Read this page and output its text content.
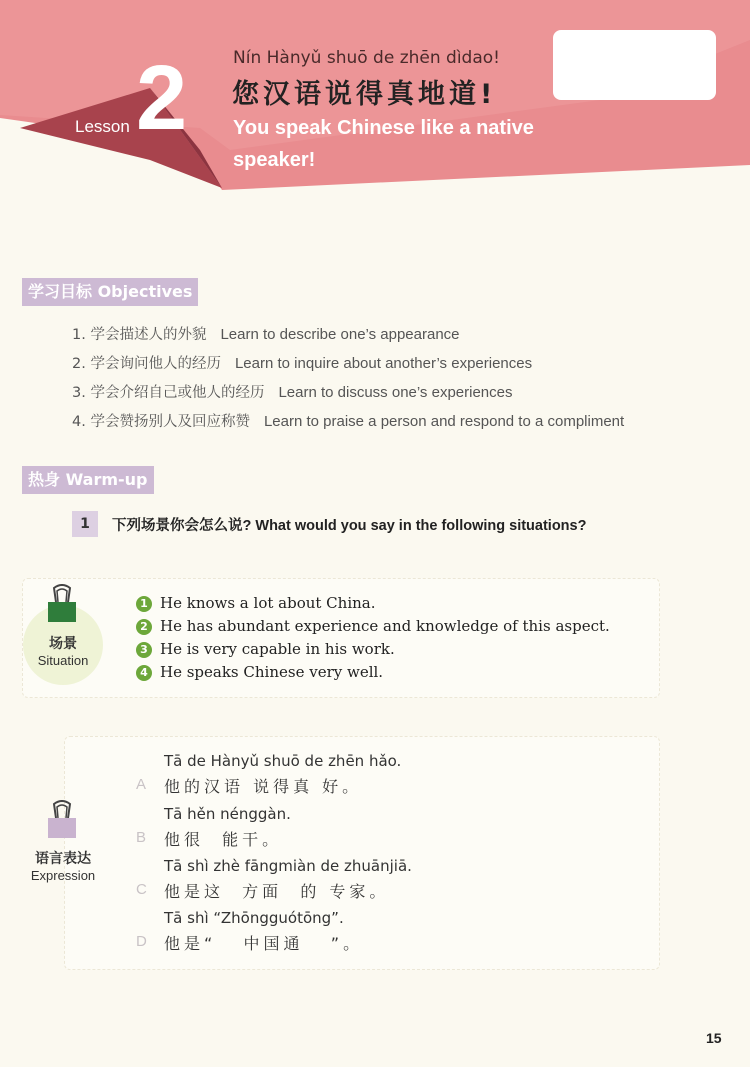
Lesson 2	Nín Hànyǔ shuō de zhēn dìdao!
您汉语说得真地道!
You speak Chinese like a native speaker!
学习目标 Objectives
1. 学会描述人的外貌 Learn to describe one’s appearance
2. 学会询问他人的经历 Learn to inquire about another’s experiences
3. 学会介绍自己或他人的经历 Learn to discuss one’s experiences
4. 学会赞扬别人及回应称赞 Learn to praise a person and respond to a compliment
热身 Warm-up
1	下列场景你会怎么说? What would you say in the following situations?
场景
Situation
1 He knows a lot about China.
2 He has abundant experience and knowledge of this aspect.
3 He is very capable in his work.
4 He speaks Chinese very well.
语言表达
Expression
Tā de Hànyǔ shuō de zhēn hǎo.
A 他的汉语 说得真 好。
Tā hěn nénggàn.
B 他很  能干。
Tā shì zhè fāngmiàn de zhuānjiā.
C 他是这  方面  的 专家。
Tā shì “Zhōngguótōng”.
D 他是“   中国通   ”。
15
